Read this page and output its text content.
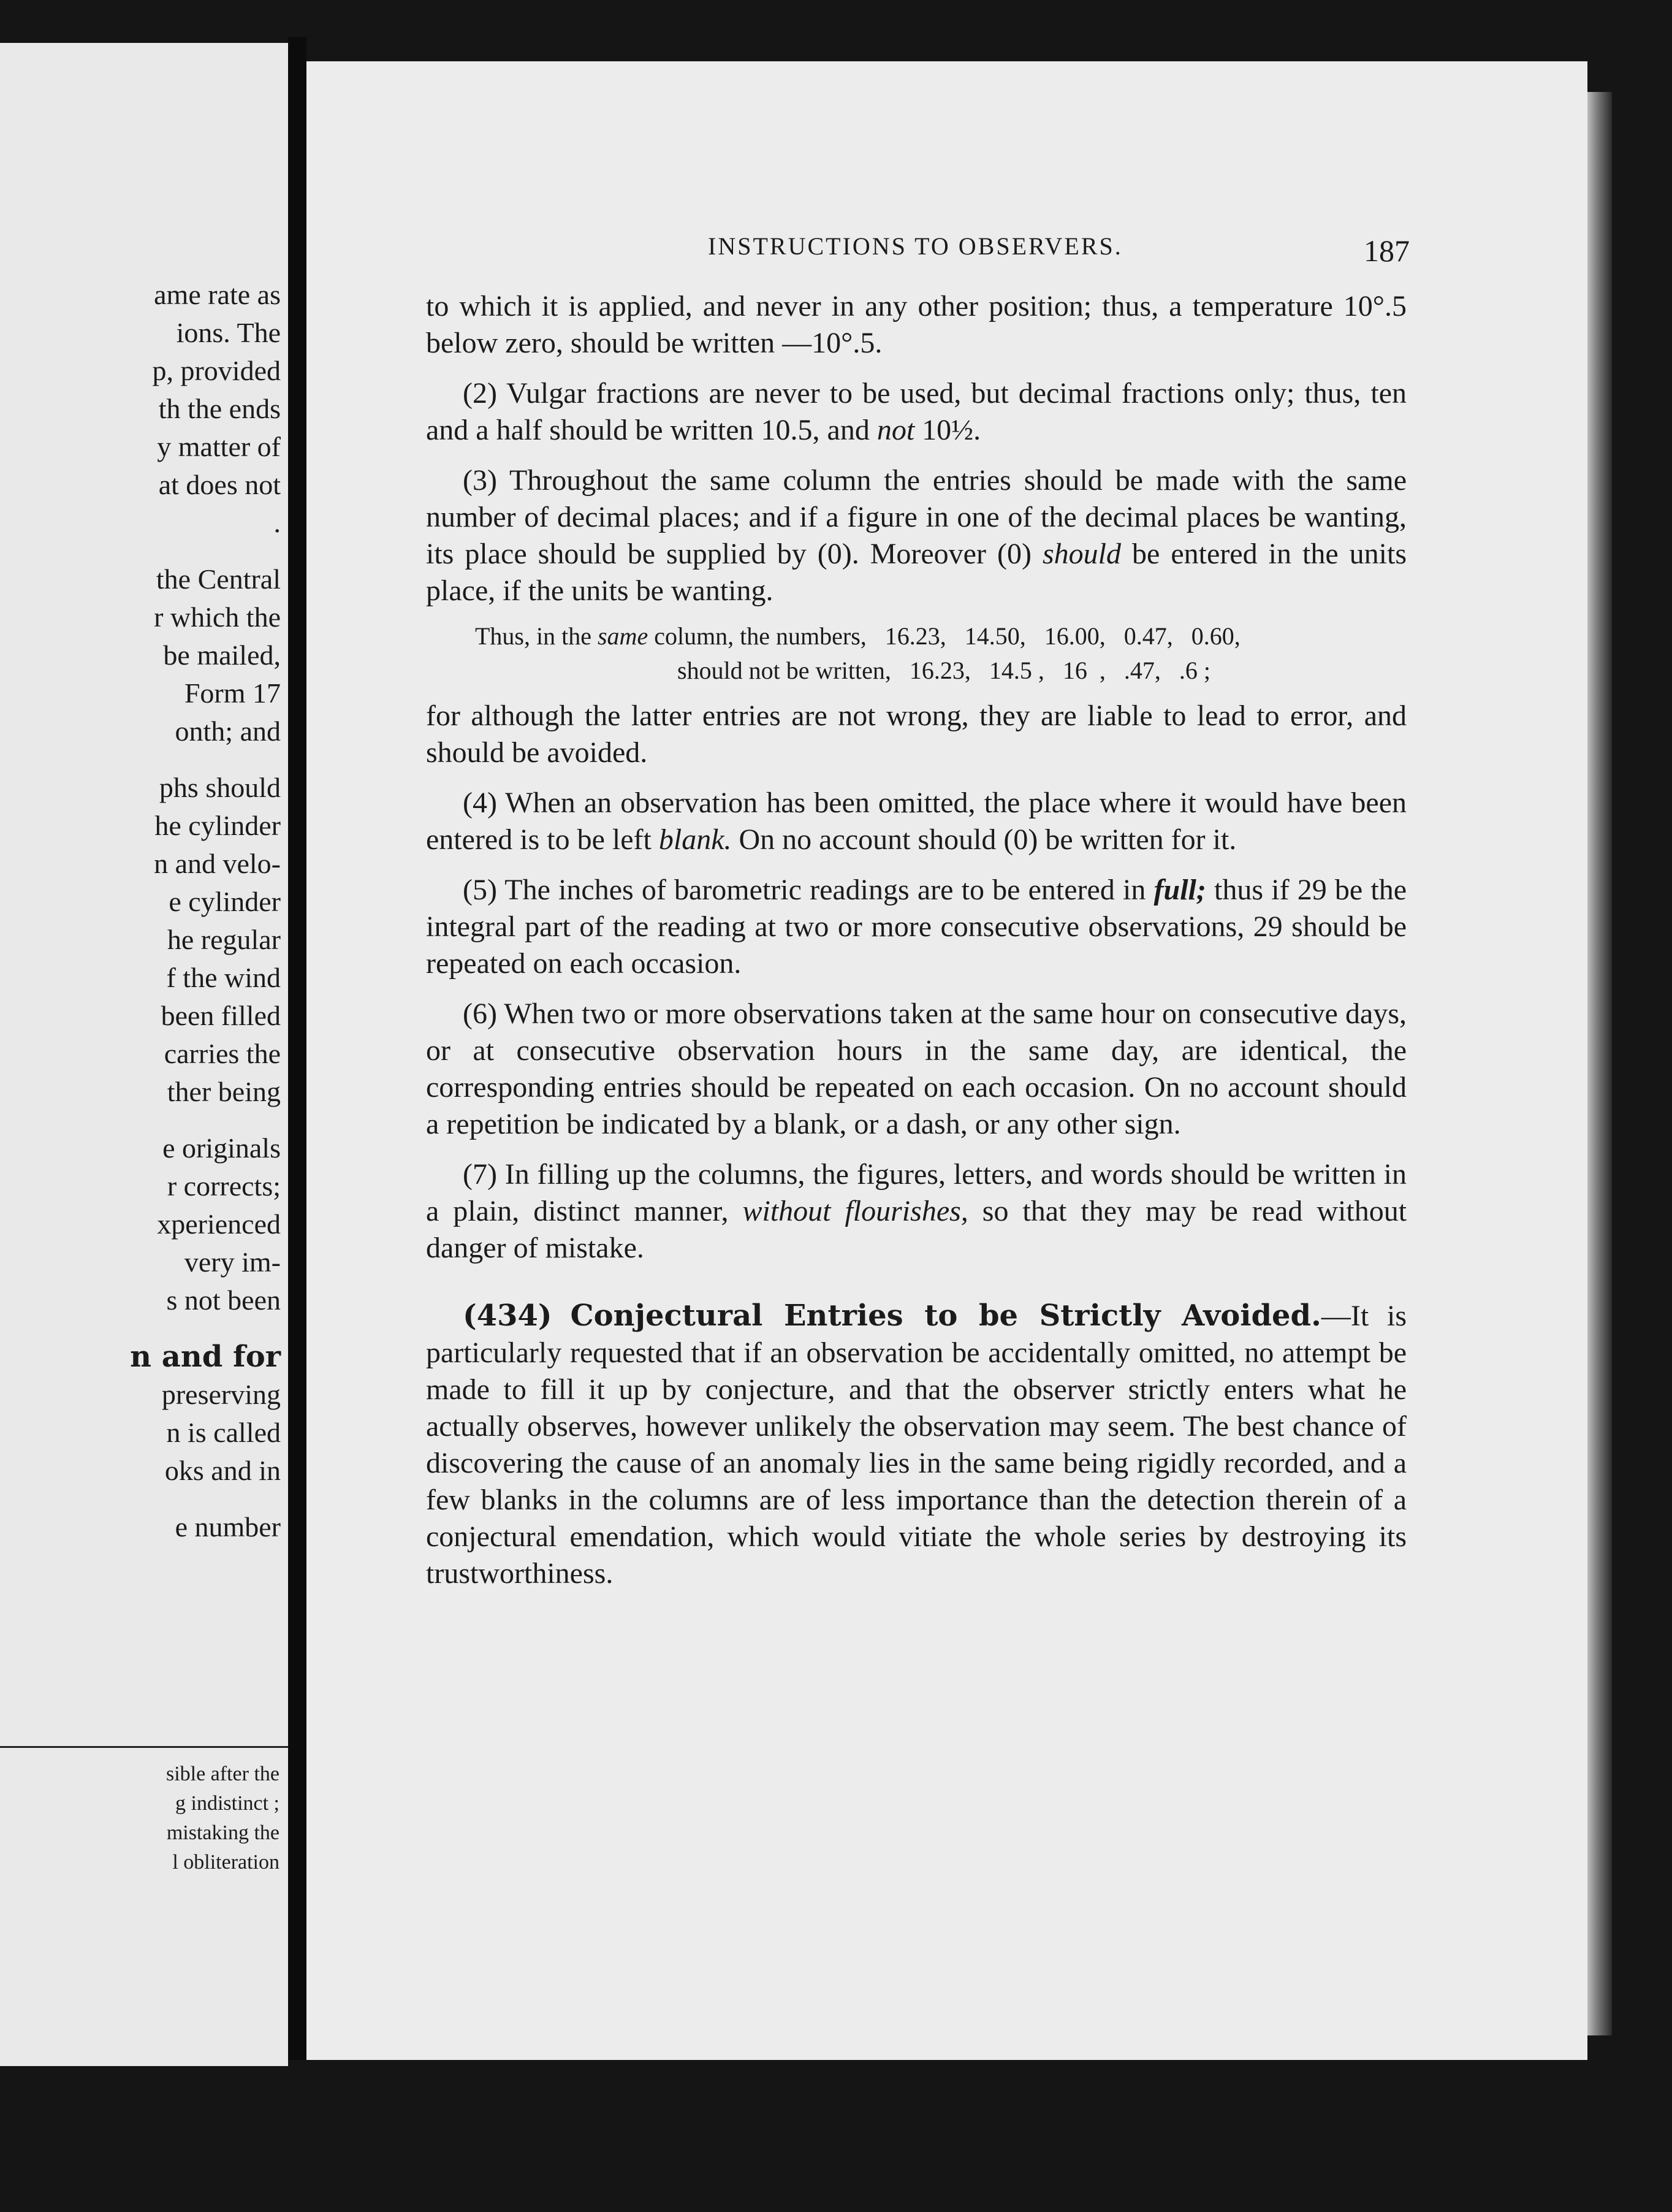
ame rate as
ions. The
p, provided
th the ends
y matter of
at does not
.
the Central
r which the
be mailed,
Form 17
onth; and
phs should
he cylinder
n and velo-
e cylinder
he regular
f the wind
been filled
carries the
ther being
e originals
r corrects;
xperienced
very im-
s not been
n and for
preserving
n is called
oks and in
e number
sible after the
g indistinct ;
mistaking the
l obliteration
INSTRUCTIONS TO OBSERVERS.	187

to which it is applied, and never in any other position; thus, a temperature 10°.5 below zero, should be written —10°.5.

(2) Vulgar fractions are never to be used, but decimal fractions only; thus, ten and a half should be written 10.5, and not 10½.

(3) Throughout the same column the entries should be made with the same number of decimal places; and if a figure in one of the decimal places be wanting, its place should be supplied by (0). Moreover (0) should be entered in the units place, if the units be wanting.

Thus, in the same column, the numbers,   16.23,   14.50,   16.00,   0.47,   0.60,
should not be written,   16.23,   14.5 ,   16  ,   .47,   .6 ;

for although the latter entries are not wrong, they are liable to lead to error, and should be avoided.

(4) When an observation has been omitted, the place where it would have been entered is to be left blank. On no account should (0) be written for it.

(5) The inches of barometric readings are to be entered in full; thus if 29 be the integral part of the reading at two or more consecutive observations, 29 should be repeated on each occasion.

(6) When two or more observations taken at the same hour on consecutive days, or at consecutive observation hours in the same day, are identical, the corresponding entries should be repeated on each occasion. On no account should a repetition be indicated by a blank, or a dash, or any other sign.

(7) In filling up the columns, the figures, letters, and words should be written in a plain, distinct manner, without flourishes, so that they may be read without danger of mistake.

(434) Conjectural Entries to be Strictly Avoided.—It is particularly requested that if an observation be accidentally omitted, no attempt be made to fill it up by conjecture, and that the observer strictly enters what he actually observes, however unlikely the observation may seem. The best chance of discovering the cause of an anomaly lies in the same being rigidly recorded, and a few blanks in the columns are of less importance than the detection therein of a conjectural emendation, which would vitiate the whole series by destroying its trustworthiness.
